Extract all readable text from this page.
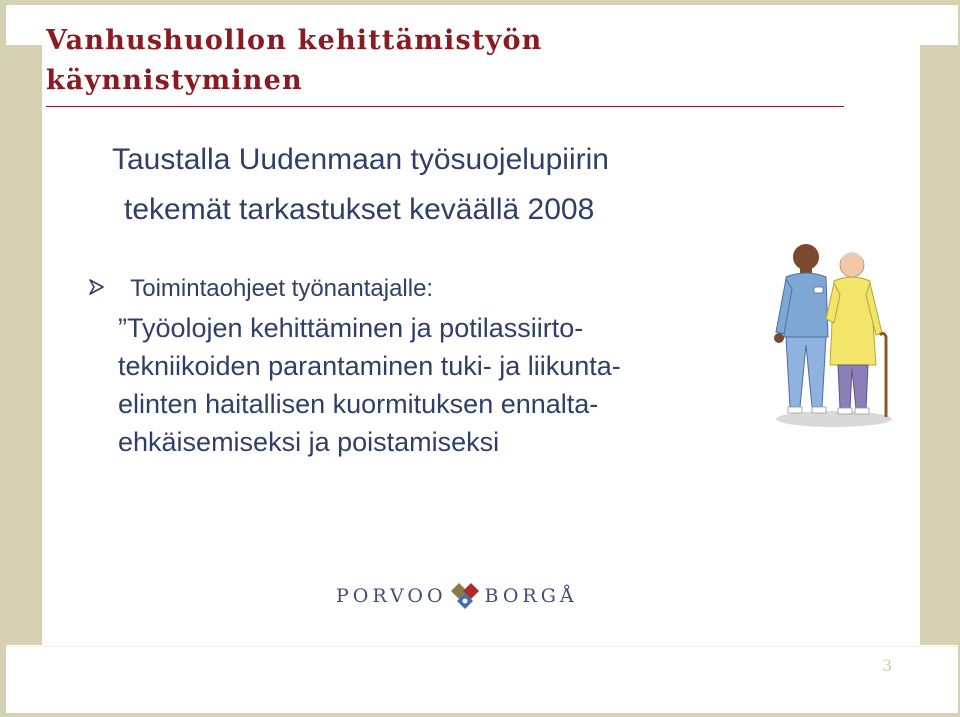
Vanhushuollon kehittämistyön
käynnistyminen
Taustalla Uudenmaan työsuojelupiirin
tekemät tarkastukset keväällä 2008
Toimintaohjeet työnantajalle:
”Työolojen kehittäminen ja potilassiirto-
tekniikoiden parantaminen tuki- ja liikunta-
elinten haitallisen kuormituksen ennalta-
ehkäisemiseksi ja poistamiseksi
PORVOO BORGÅ
3
